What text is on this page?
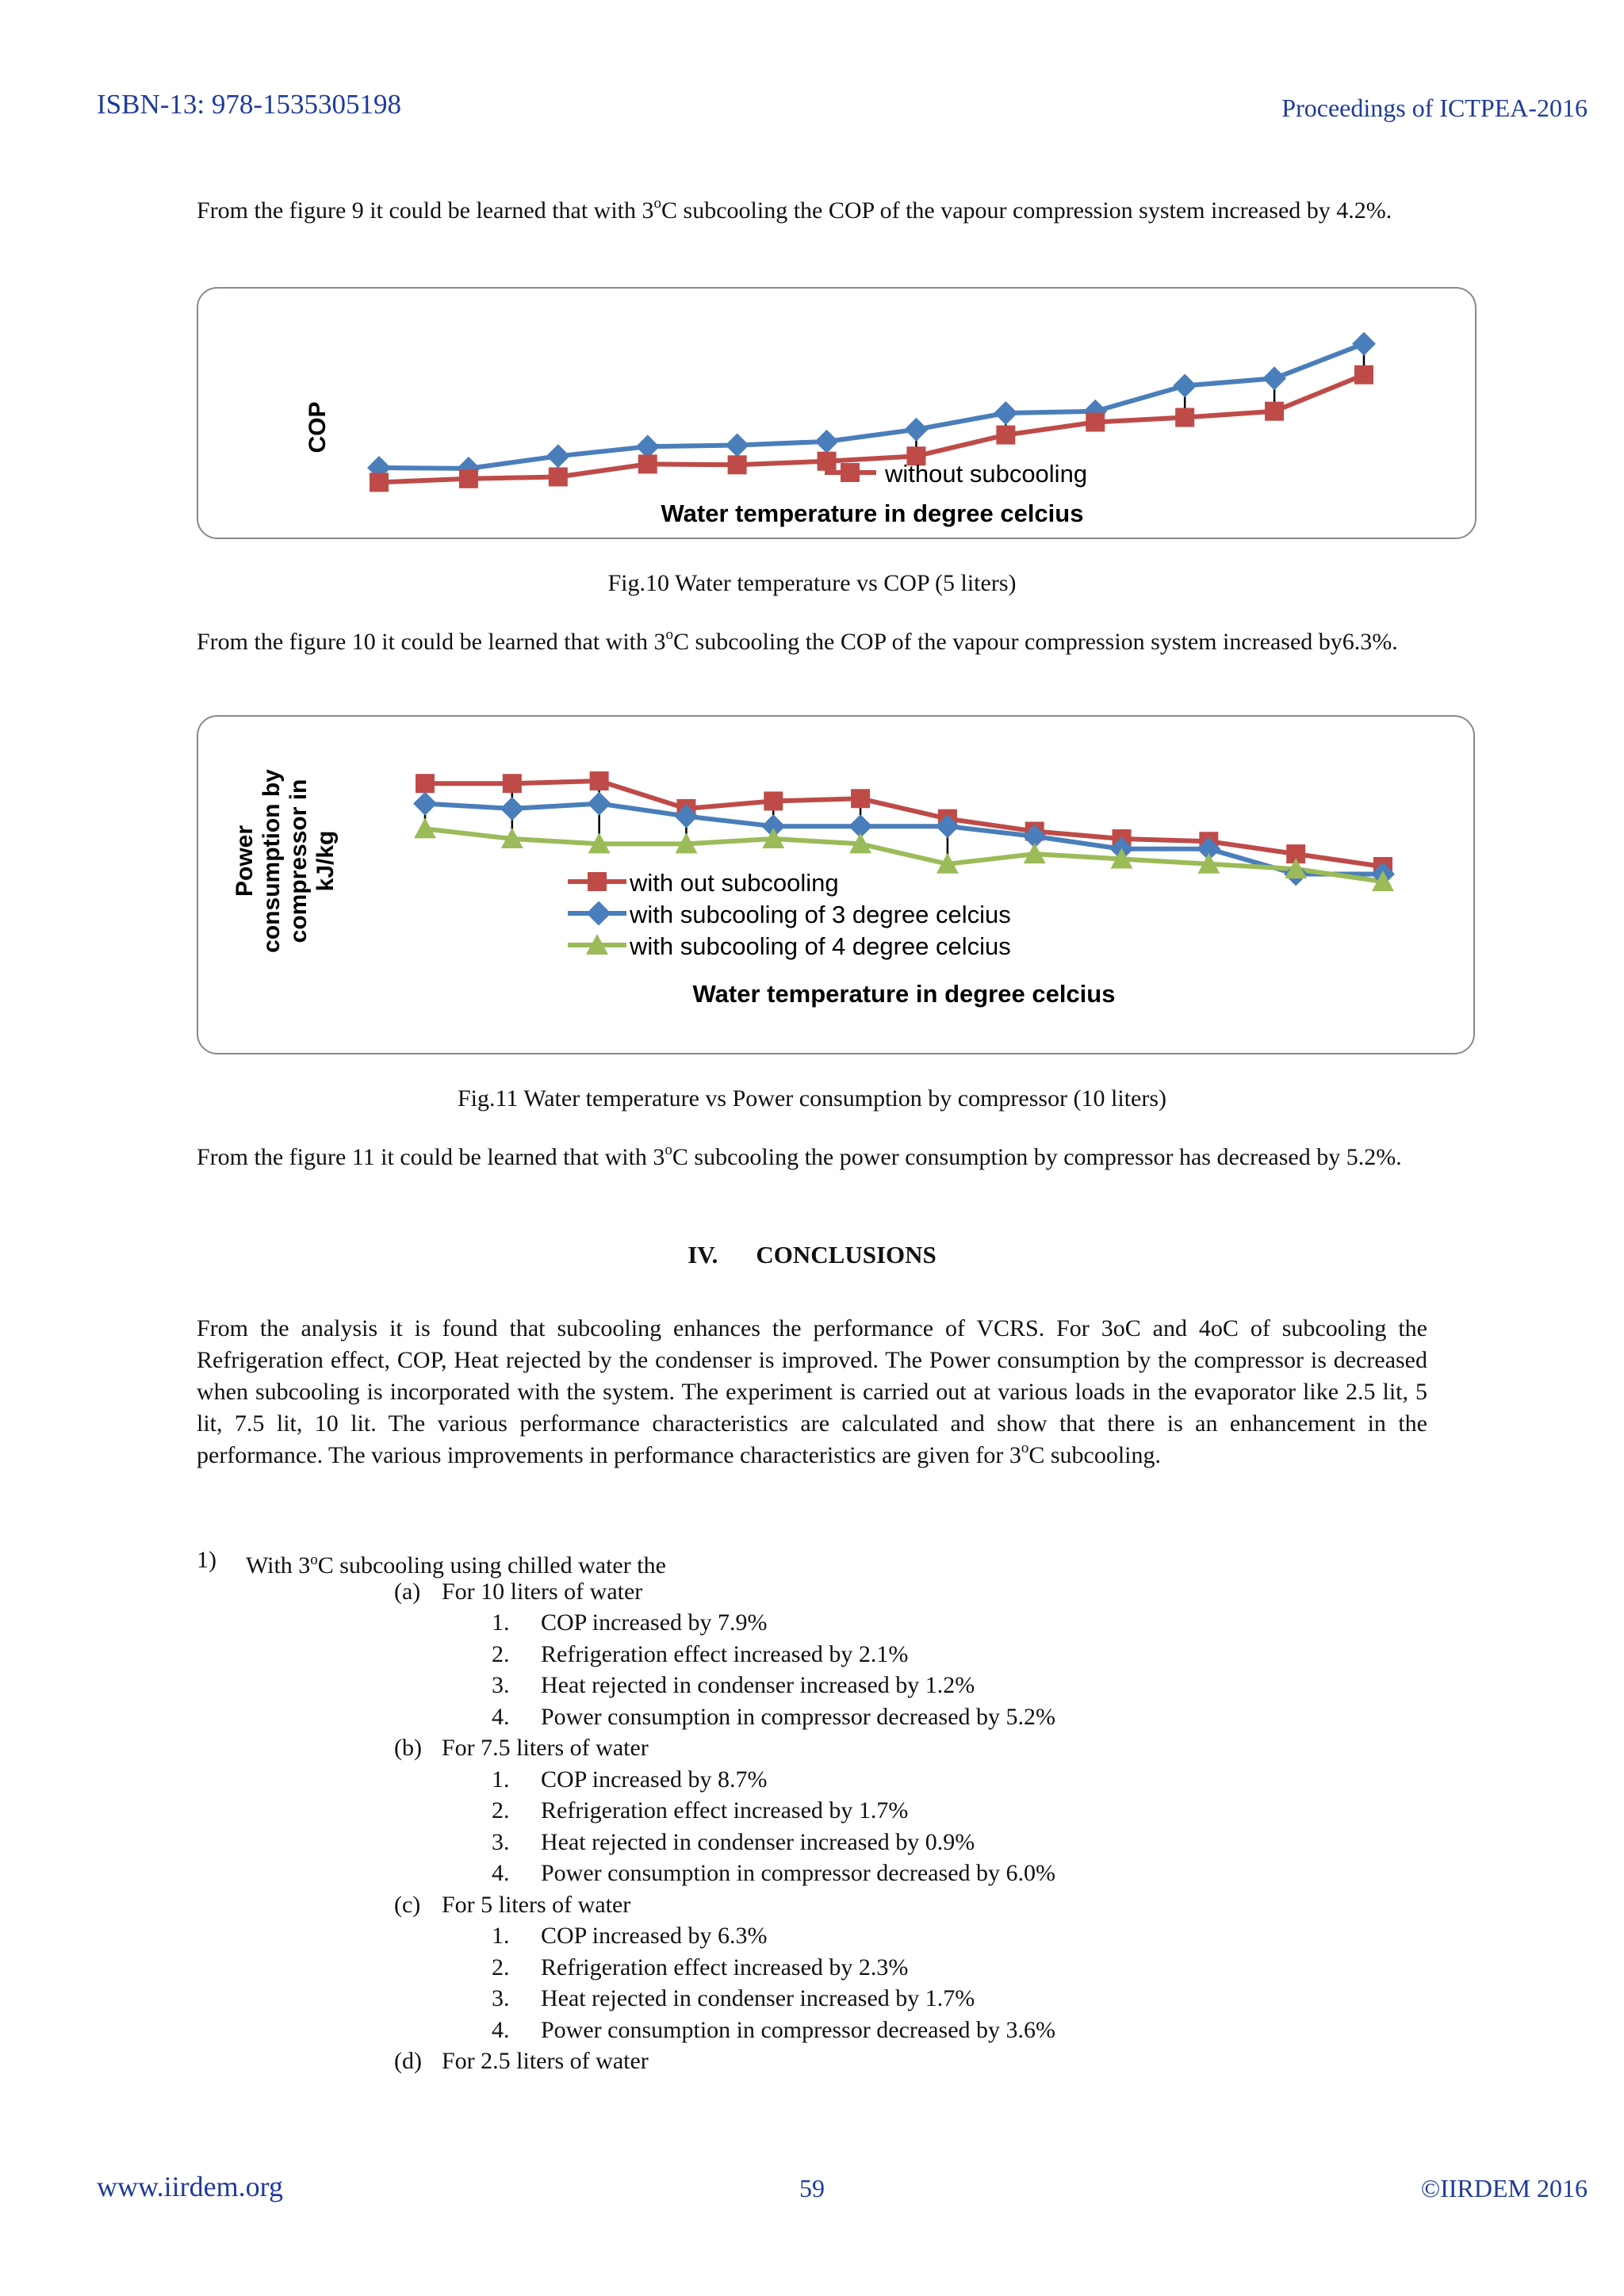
ISBN-13: 978-1535305198	Proceedings of ICTPEA-2016
From the figure 9 it could be learned that with 3$^o$C subcooling the COP of the vapour compression system increased by 4.2%.
COP
without subcooling
Water temperature in degree celcius
Fig.10 Water temperature vs COP (5 liters)
From the figure 10 it could be learned that with 3$^o$C subcooling the COP of the vapour compression system increased by6.3%.
Power consumption by compressor in kJ/kg	with out subcooling
with subcooling of 3 degree celcius
with subcooling of 4 degree celcius
Water temperature in degree celcius
Fig.11 Water temperature vs Power consumption by compressor (10 liters)
From the figure 11 it could be learned that with 3$^o$C subcooling the power consumption by compressor has decreased by 5.2%.
IV. CONCLUSIONS
From the analysis it is found that subcooling enhances the performance of VCRS. For 3oC and 4oC of subcooling the Refrigeration effect, COP, Heat rejected by the condenser is improved. The Power consumption by the compressor is decreased when subcooling is incorporated with the system. The experiment is carried out at various loads in the evaporator like 2.5 lit, 5 lit, 7.5 lit, 10 lit. The various performance characteristics are calculated and show that there is an enhancement in the performance. The various improvements in performance characteristics are given for 3$^o$C subcooling.
1) With 3$^o$C subcooling using chilled water the
(a) For 10 liters of water
1. COP increased by 7.9%
2. Refrigeration effect increased by 2.1%
3. Heat rejected in condenser increased by 1.2%
4. Power consumption in compressor decreased by 5.2%
(b) For 7.5 liters of water
1. COP increased by 8.7%
2. Refrigeration effect increased by 1.7%
3. Heat rejected in condenser increased by 0.9%
4. Power consumption in compressor decreased by 6.0%
(c) For 5 liters of water
1. COP increased by 6.3%
2. Refrigeration effect increased by 2.3%
3. Heat rejected in condenser increased by 1.7%
4. Power consumption in compressor decreased by 3.6%
(d) For 2.5 liters of water
www.iirdem.org	59	©IIRDEM 2016
